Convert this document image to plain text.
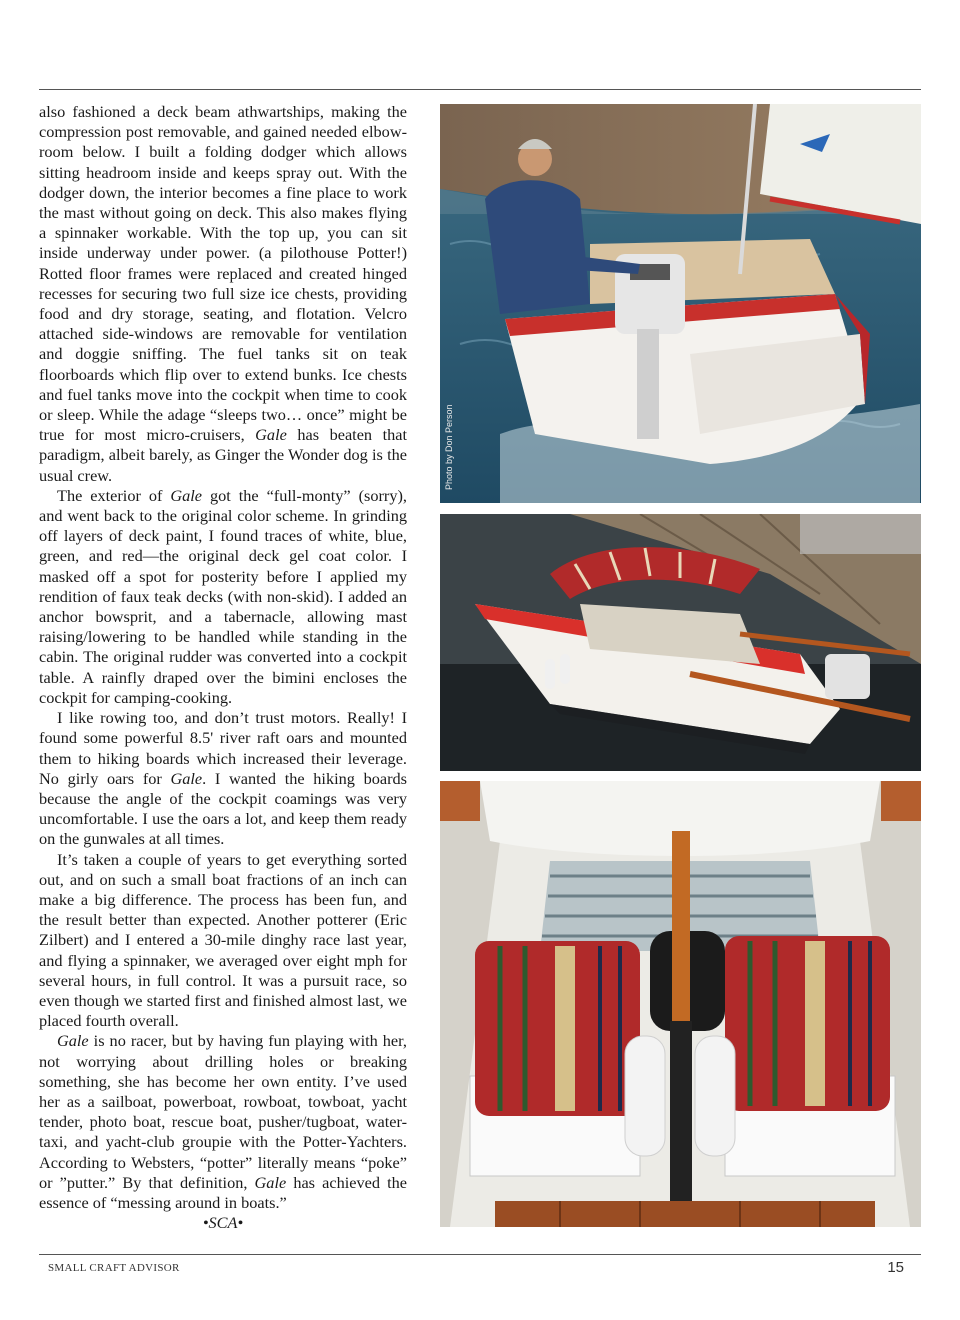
also fashioned a deck beam athwartships, making the compression post removable, and gained needed elbow-room below. I built a folding dodger which allows sitting headroom inside and keeps spray out. With the dodger down, the interior becomes a fine place to work the mast without going on deck. This also makes flying a spinnaker workable. With the top up, you can sit inside underway under power. (a pilothouse Potter!) Rotted floor frames were replaced and created hinged recesses for securing two full size ice chests, providing food and dry storage, seating, and flotation. Velcro attached side-windows are removable for ventilation and doggie sniffing. The fuel tanks sit on teak floorboards which flip over to extend bunks. Ice chests and fuel tanks move into the cockpit when time to cook or sleep. While the adage “sleeps two… once” might be true for most micro-cruisers, Gale has beaten that paradigm, albeit barely, as Ginger the Wonder dog is the usual crew.

The exterior of Gale got the “full-monty” (sorry), and went back to the original color scheme. In grinding off layers of deck paint, I found traces of white, blue, green, and red—the original deck gel coat color. I masked off a spot for posterity before I applied my rendition of faux teak decks (with non-skid). I added an anchor bowsprit, and a tabernacle, allowing mast raising/lowering to be handled while standing in the cabin. The original rudder was converted into a cockpit table. A rainfly draped over the bimini encloses the cockpit for camping-cooking.

I like rowing too, and don’t trust motors. Really! I found some powerful 8.5' river raft oars and mounted them to hiking boards which increased their leverage. No girly oars for Gale. I wanted the hiking boards because the angle of the cockpit coamings was very uncomfortable. I use the oars a lot, and keep them ready on the gunwales at all times.

It’s taken a couple of years to get everything sorted out, and on such a small boat fractions of an inch can make a big difference. The process has been fun, and the result better than expected. Another potterer (Eric Zilbert) and I entered a 30-mile dinghy race last year, and flying a spinnaker, we averaged over eight mph for several hours, in full control. It was a pursuit race, so even though we started first and finished almost last, we placed fourth overall.

Gale is no racer, but by having fun playing with her, not worrying about drilling holes or breaking something, she has become her own entity. I’ve used her as a sailboat, powerboat, rowboat, towboat, yacht tender, photo boat, rescue boat, pusher/tugboat, water-taxi, and yacht-club groupie with the Potter-Yachters. According to Websters, “potter” literally means “poke” or ”putter.” By that definition, Gale has achieved the essence of “messing around in boats.”

•SCA•
Photo by Don Person
SMALL CRAFT ADVISOR	15
